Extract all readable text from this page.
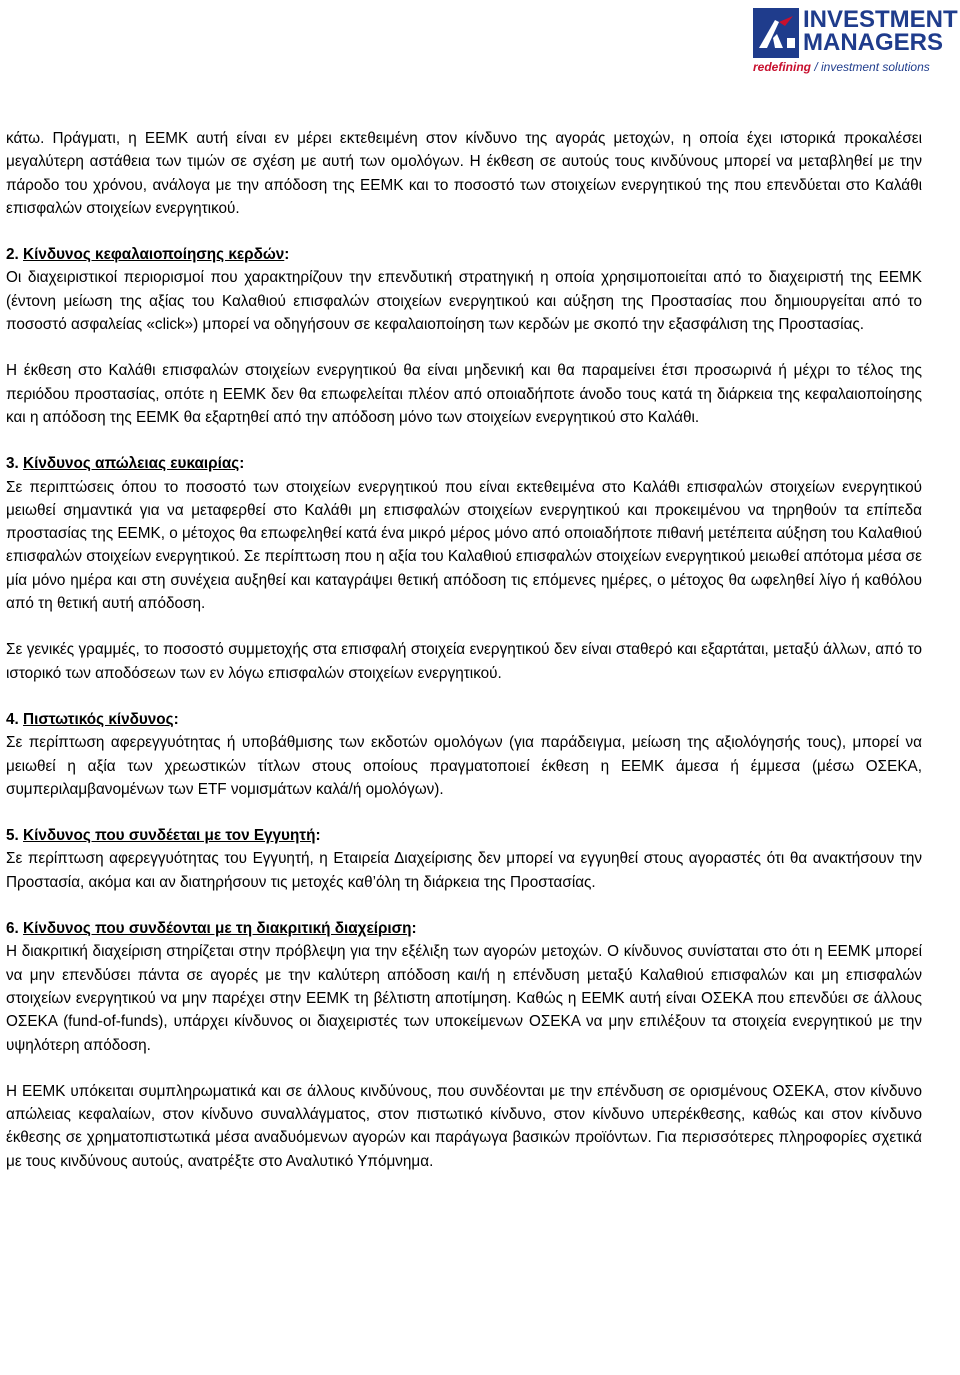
INVESTMENT
MANAGERS
redefining / investment solutions

κάτω. Πράγματι, η ΕΕΜΚ αυτή είναι εν μέρει εκτεθειμένη στον κίνδυνο της αγοράς μετοχών, η οποία έχει ιστορικά προκαλέσει μεγαλύτερη αστάθεια των τιμών σε σχέση με αυτή των ομολόγων. Η έκθεση σε αυτούς τους κινδύνους μπορεί να μεταβληθεί με την πάροδο του χρόνου, ανάλογα με την απόδοση της ΕΕΜΚ και το ποσοστό των στοιχείων ενεργητικού της που επενδύεται στο Καλάθι επισφαλών στοιχείων ενεργητικού.

2. Κίνδυνος κεφαλαιοποίησης κερδών:

Οι διαχειριστικοί περιορισμοί που χαρακτηρίζουν την επενδυτική στρατηγική η οποία χρησιμοποιείται από το διαχειριστή της ΕΕΜΚ (έντονη μείωση της αξίας του Καλαθιού επισφαλών στοιχείων ενεργητικού και αύξηση της Προστασίας που δημιουργείται από το ποσοστό ασφαλείας «click») μπορεί να οδηγήσουν σε κεφαλαιοποίηση των κερδών με σκοπό την εξασφάλιση της Προστασίας.

Η έκθεση στο Καλάθι επισφαλών στοιχείων ενεργητικού θα είναι μηδενική και θα παραμείνει έτσι προσωρινά ή μέχρι το τέλος της περιόδου προστασίας, οπότε η ΕΕΜΚ δεν θα επωφελείται πλέον από οποιαδήποτε άνοδο τους κατά τη διάρκεια της κεφαλαιοποίησης και η απόδοση της ΕΕΜΚ θα εξαρτηθεί από την απόδοση μόνο των στοιχείων ενεργητικού στο Καλάθι.

3. Κίνδυνος απώλειας ευκαιρίας:

Σε περιπτώσεις όπου το ποσοστό των στοιχείων ενεργητικού που είναι εκτεθειμένα στο Καλάθι επισφαλών στοιχείων ενεργητικού μειωθεί σημαντικά για να μεταφερθεί στο Καλάθι μη επισφαλών στοιχείων ενεργητικού και προκειμένου να τηρηθούν τα επίπεδα προστασίας της ΕΕΜΚ, ο μέτοχος θα επωφεληθεί κατά ένα μικρό μέρος μόνο από οποιαδήποτε πιθανή μετέπειτα αύξηση του Καλαθιού επισφαλών στοιχείων ενεργητικού. Σε περίπτωση που η αξία του Καλαθιού επισφαλών στοιχείων ενεργητικού μειωθεί απότομα μέσα σε μία μόνο ημέρα και στη συνέχεια αυξηθεί και καταγράψει θετική απόδοση τις επόμενες ημέρες, ο μέτοχος θα ωφεληθεί λίγο ή καθόλου από τη θετική αυτή απόδοση.

Σε γενικές γραμμές, το ποσοστό συμμετοχής στα επισφαλή στοιχεία ενεργητικού δεν είναι σταθερό και εξαρτάται, μεταξύ άλλων, από το ιστορικό των αποδόσεων των εν λόγω επισφαλών στοιχείων ενεργητικού.

4. Πιστωτικός κίνδυνος:

Σε περίπτωση αφερεγγυότητας ή υποβάθμισης των εκδοτών ομολόγων (για παράδειγμα, μείωση της αξιολόγησής τους), μπορεί να μειωθεί η αξία των χρεωστικών τίτλων στους οποίους πραγματοποιεί έκθεση η ΕΕΜΚ άμεσα ή έμμεσα (μέσω ΟΣΕΚΑ, συμπεριλαμβανομένων των ETF νομισμάτων καλά/ή ομολόγων).

5. Κίνδυνος που συνδέεται με τον Εγγυητή:

Σε περίπτωση αφερεγγυότητας του Εγγυητή, η Εταιρεία Διαχείρισης δεν μπορεί να εγγυηθεί στους αγοραστές ότι θα ανακτήσουν την Προστασία, ακόμα και αν διατηρήσουν τις μετοχές καθ’όλη τη διάρκεια της Προστασίας.

6. Κίνδυνος που συνδέονται με τη διακριτική διαχείριση:

Η διακριτική διαχείριση στηρίζεται στην πρόβλεψη για την εξέλιξη των αγορών μετοχών. Ο κίνδυνος συνίσταται στο ότι η ΕΕΜΚ μπορεί να μην επενδύσει πάντα σε αγορές με την καλύτερη απόδοση και/ή η επένδυση μεταξύ Καλαθιού επισφαλών και μη επισφαλών στοιχείων ενεργητικού να μην παρέχει στην ΕΕΜΚ τη βέλτιστη αποτίμηση. Καθώς η ΕΕΜΚ αυτή είναι ΟΣΕΚΑ που επενδύει σε άλλους ΟΣΕΚΑ (fund-of-funds), υπάρχει κίνδυνος οι διαχειριστές των υποκείμενων ΟΣΕΚΑ να μην επιλέξουν τα στοιχεία ενεργητικού με την υψηλότερη απόδοση.

Η ΕΕΜΚ υπόκειται συμπληρωματικά και σε άλλους κινδύνους, που συνδέονται με την επένδυση σε ορισμένους ΟΣΕΚΑ, στον κίνδυνο απώλειας κεφαλαίων, στον κίνδυνο συναλλάγματος, στον πιστωτικό κίνδυνο, στον κίνδυνο υπερέκθεσης, καθώς και στον κίνδυνο έκθεσης σε χρηματοπιστωτικά μέσα αναδυόμενων αγορών και παράγωγα βασικών προϊόντων. Για περισσότερες πληροφορίες σχετικά με τους κινδύνους αυτούς, ανατρέξτε στο Αναλυτικό Υπόμνημα.
